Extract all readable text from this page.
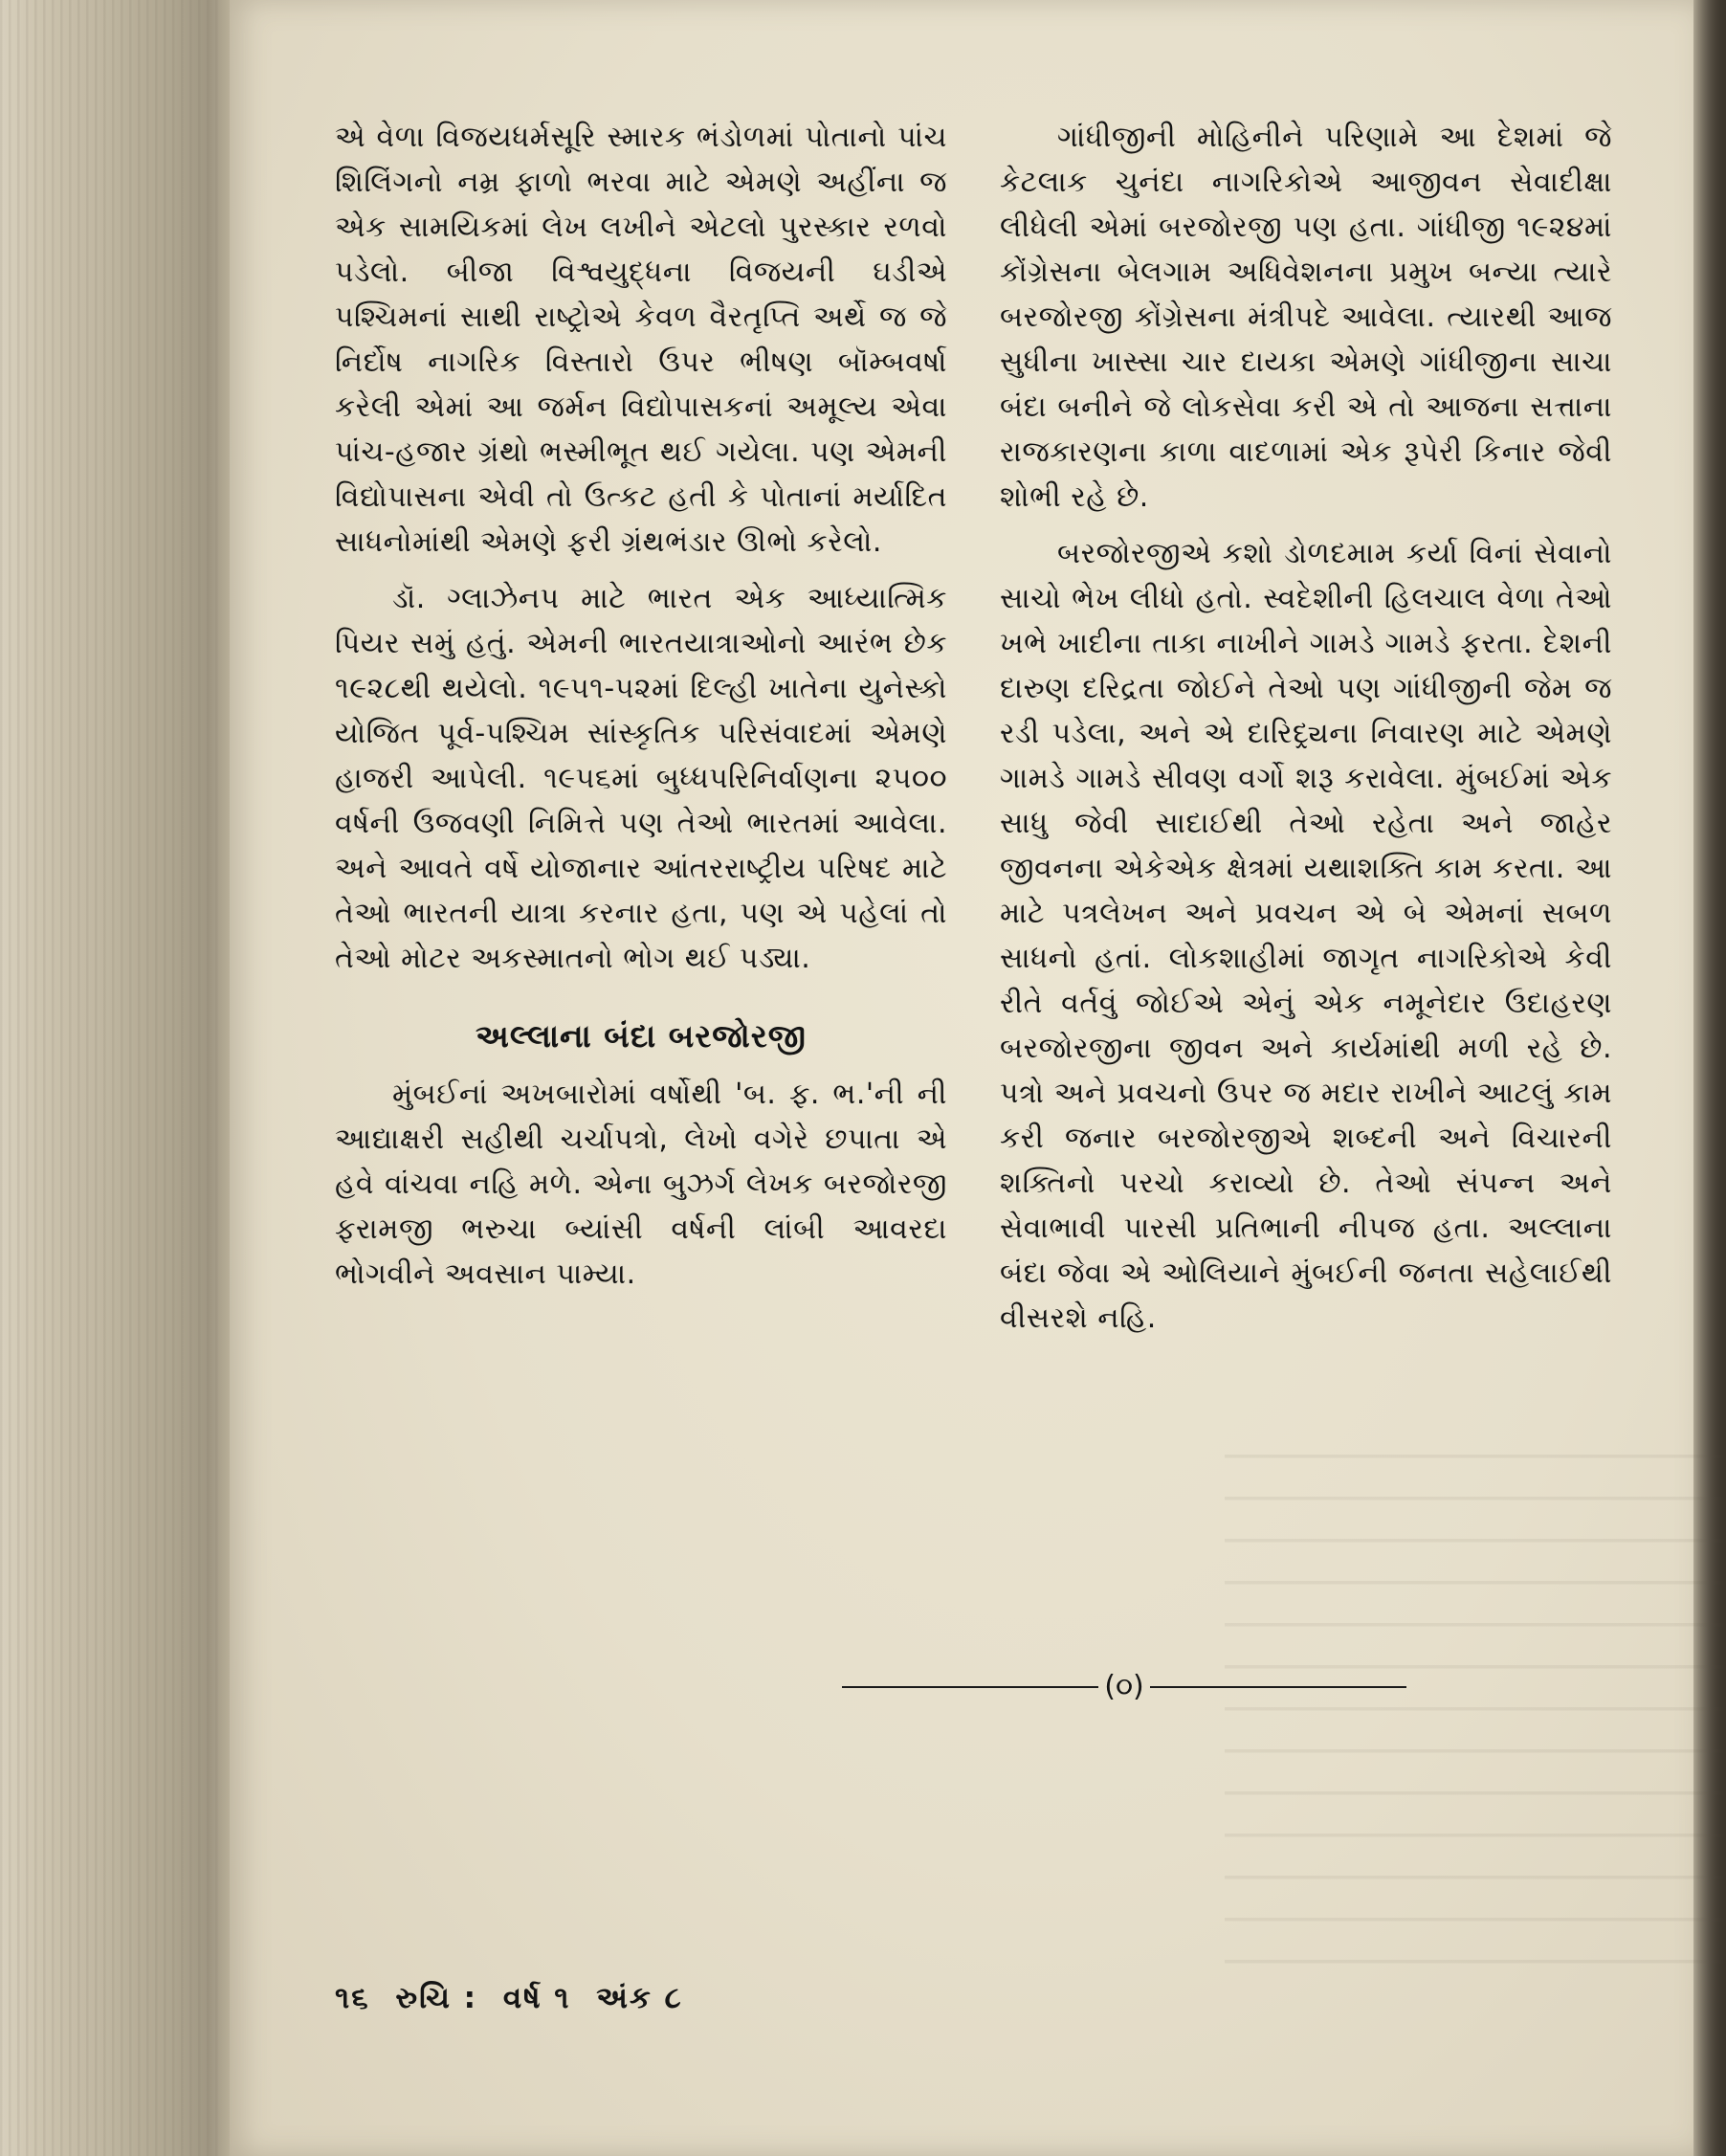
એ વેળા વિજયધર્મસૂરિ સ્મારક ભંડોળમાં પોતાનો પાંચ શિલિંગનો નમ્ર ફાળો ભરવા માટે એમણે અહીંના જ એક સામયિકમાં લેખ લખીને એટલો પુરસ્કાર રળવો પડેલો. બીજા વિશ્વયુદ્ધના વિજયની ઘડીએ પશ્ચિમનાં સાથી રાષ્ટ્રોએ કેવળ વૈરતૃપ્તિ અર્થે જ જે નિર્દોષ નાગરિક વિસ્તારો ઉપર ભીષણ બૉમ્બવર્ષા કરેલી એમાં આ જર્મન વિદ્યોપાસકનાં અમૂલ્ય એવા પાંચ-હજાર ગ્રંથો ભસ્મીભૂત થઈ ગયેલા. પણ એમની વિદ્યોપાસના એવી તો ઉત્કટ હતી કે પોતાનાં મર્યાદિત સાધનોમાંથી એમણે ફરી ગ્રંથભંડાર ઊભો કરેલો.

ડૉ. ગ્લાઝેનપ માટે ભારત એક આધ્યાત્મિક પિયર સમું હતું. એમની ભારતયાત્રાઓનો આરંભ છેક ૧૯૨૮થી થયેલો. ૧૯૫૧-૫૨માં દિલ્હી ખાતેના યુનેસ્કો યોજિત પૂર્વ-પશ્ચિમ સાંસ્કૃતિક પરિસંવાદમાં એમણે હાજરી આપેલી. ૧૯૫૬માં બુધ્ધપરિનિર્વાણના ૨૫૦૦ વર્ષની ઉજવણી નિમિત્તે પણ તેઓ ભારતમાં આવેલા. અને આવતે વર્ષે યોજાનાર આંતરરાષ્ટ્રીય પરિષદ માટે તેઓ ભારતની યાત્રા કરનાર હતા, પણ એ પહેલાં તો તેઓ મોટર અકસ્માતનો ભોગ થઈ પડ્યા.

અલ્લાના બંદા બરજોરજી

મુંબઈનાં અખબારોમાં વર્ષોથી 'બ. ફ. ભ.'ની ની આદ્યાક્ષરી સહીથી ચર્ચાપત્રો, લેખો વગેરે છપાતા એ હવે વાંચવા નહિ મળે. એના બુઝર્ગ લેખક બરજોરજી ફરામજી ભરુચા બ્યાંસી વર્ષની લાંબી આવરદા ભોગવીને અવસાન પામ્યા.

ગાંધીજીની મોહિનીને પરિણામે આ દેશમાં જે કેટલાક ચુનંદા નાગરિકોએ આજીવન સેવાદીક્ષા લીધેલી એમાં બરજોરજી પણ હતા. ગાંધીજી ૧૯૨૪માં કોંગ્રેસના બેલગામ અધિવેશનના પ્રમુખ બન્યા ત્યારે બરજોરજી કોંગ્રેસના મંત્રીપદે આવેલા. ત્યારથી આજ સુધીના ખાસ્સા ચાર દાયકા એમણે ગાંધીજીના સાચા બંદા બનીને જે લોકસેવા કરી એ તો આજના સત્તાના રાજકારણના કાળા વાદળામાં એક રૂપેરી કિનાર જેવી શોભી રહે છે.

બરજોરજીએ કશો ડોળદમામ કર્યા વિનાં સેવાનો સાચો ભેખ લીધો હતો. સ્વદેશીની હિલચાલ વેળા તેઓ ખભે ખાદીના તાકા નાખીને ગામડે ગામડે ફરતા. દેશની દારુણ દરિદ્રતા જોઈને તેઓ પણ ગાંધીજીની જેમ જ રડી પડેલા, અને એ દારિદ્ર્યના નિવારણ માટે એમણે ગામડે ગામડે સીવણ વર્ગો શરૂ કરાવેલા. મુંબઈમાં એક સાધુ જેવી સાદાઈથી તેઓ રહેતા અને જાહેર જીવનના એકેએક ક્ષેત્રમાં યથાશક્તિ કામ કરતા. આ માટે પત્રલેખન અને પ્રવચન એ બે એમનાં સબળ સાધનો હતાં. લોકશાહીમાં જાગૃત નાગરિકોએ કેવી રીતે વર્તવું જોઈએ એનું એક નમૂનેદાર ઉદાહરણ બરજોરજીના જીવન અને કાર્યમાંથી મળી રહે છે. પત્રો અને પ્રવચનો ઉપર જ મદાર રાખીને આટલું કામ કરી જનાર બરજોરજીએ શબ્દની અને વિચારની શક્તિનો પરચો કરાવ્યો છે. તેઓ સંપન્ન અને સેવાભાવી પારસી પ્રતિભાની નીપજ હતા. અલ્લાના બંદા જેવા એ ઓલિયાને મુંબઈની જનતા સહેલાઈથી વીસરશે નહિ.

(૦)
૧૬ રુચિ : વર્ષ ૧ અંક ૮
